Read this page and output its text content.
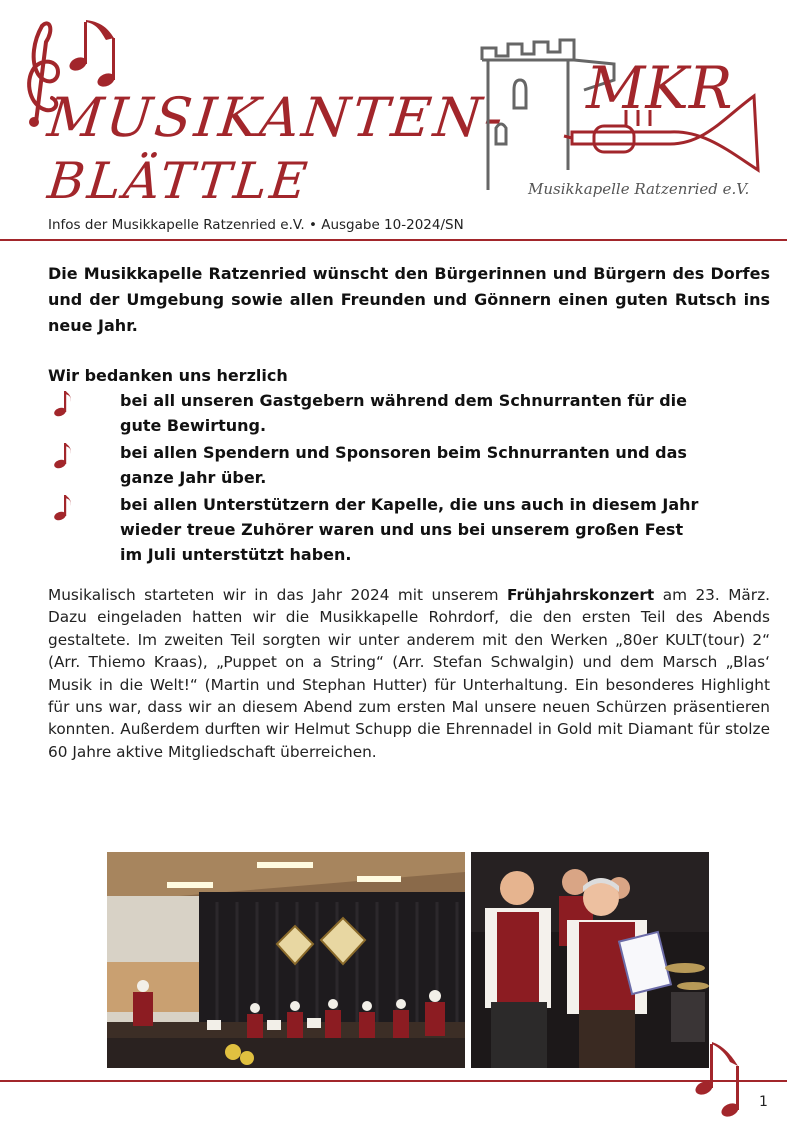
MUSIKANTEN-
BLÄTTLE
Infos der Musikkapelle Ratzenried e.V. • Ausgabe 10-2024/SN
MKR
Musikkapelle Ratzenried e.V.

Die Musikkapelle Ratzenried wünscht den Bürgerinnen und Bürgern des Dorfes und der Umgebung sowie allen Freunden und Gönnern einen guten Rutsch ins neue Jahr.

Wir bedanken uns herzlich
bei all unseren Gastgebern während dem Schnurranten für die gute Bewirtung.
bei allen Spendern und Sponsoren beim Schnurranten und das ganze Jahr über.
bei allen Unterstützern der Kapelle, die uns auch in diesem Jahr wieder treue Zuhörer waren und uns bei unserem großen Fest im Juli unterstützt haben.

Musikalisch starteten wir in das Jahr 2024 mit unserem Frühjahrskonzert am 23. März. Dazu eingeladen hatten wir die Musikkapelle Rohrdorf, die den ersten Teil des Abends gestaltete. Im zweiten Teil sorgten wir unter anderem mit den Werken „80er KULT(tour) 2“ (Arr. Thiemo Kraas), „Puppet on a String“ (Arr. Stefan Schwalgin) und dem Marsch „Blas‘ Musik in die Welt!“ (Martin und Stephan Hutter) für Unterhaltung. Ein besonderes Highlight für uns war, dass wir an diesem Abend zum ersten Mal unsere neuen Schürzen präsentieren konnten. Außerdem durften wir Helmut Schupp die Ehrennadel in Gold mit Diamant für stolze 60 Jahre aktive Mitgliedschaft überreichen.

1
